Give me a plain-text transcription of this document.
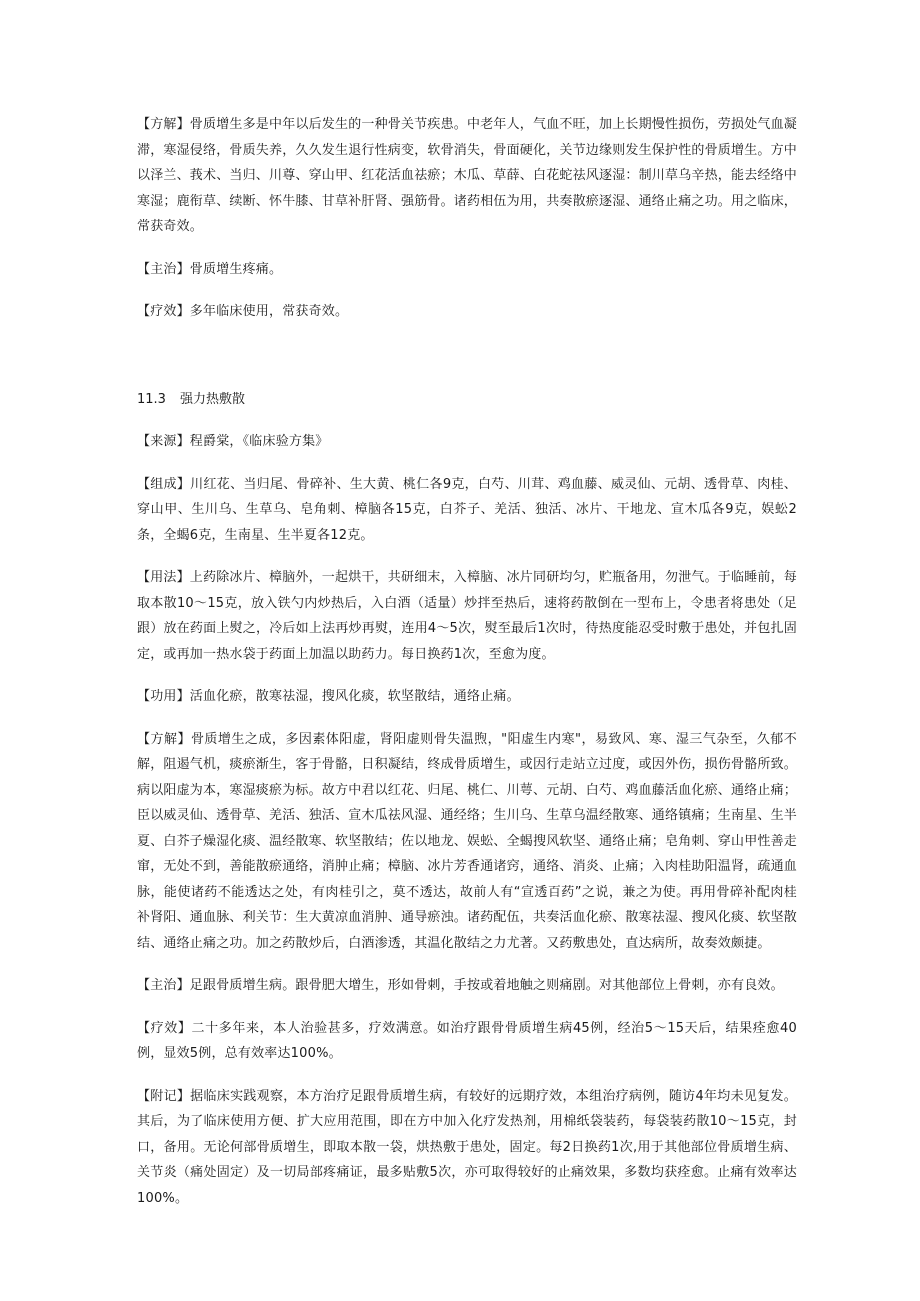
【方解】骨质增生多是中年以后发生的一种骨关节疾患。中老年人，气血不旺，加上长期慢性损伤，劳损处气血凝滞，寒湿侵络，骨质失养，久久发生退行性病变，软骨消失，骨面硬化，关节边缘则发生保护性的骨质增生。方中以泽兰、莪术、当归、川尊、穿山甲、红花活血祛瘀；木瓜、草薛、白花蛇祛风逐湿：制川草乌辛热，能去经络中寒湿；鹿衔草、续断、怀牛膝、甘草补肝肾、强筋骨。诸药相伍为用，共奏散瘀逐湿、通络止痛之功。用之临床，常获奇效。

【主治】骨质增生疼痛。

【疗效】多年临床使用，常获奇效。

11.3 强力热敷散

【来源】程爵棠，《临床验方集》

【组成】川红花、当归尾、骨碎补、生大黄、桃仁各9克，白芍、川茸、鸡血藤、威灵仙、元胡、透骨草、肉桂、穿山甲、生川乌、生草乌、皂角刺、樟脑各15克，白芥子、羌活、独活、冰片、干地龙、宣木瓜各9克，娱蚣2条，全蝎6克，生南星、生半夏各12克。

【用法】上药除冰片、樟脑外，一起烘干，共研细末，入樟脑、冰片同研均匀，贮瓶备用，勿泄气。于临睡前，每取本散10～15克，放入铁勺内炒热后，入白酒（适量）炒拌至热后，速将药散倒在一型布上，令患者将患处（足跟）放在药面上熨之，冷后如上法再炒再熨，连用4～5次，熨至最后1次时，待热度能忍受时敷于患处，并包扎固定，或再加一热水袋于药面上加温以助药力。每日换药1次，至愈为度。

【功用】活血化瘀，散寒祛湿，搜风化痰，软坚散结，通络止痛。

【方解】骨质增生之成，多因素体阳虚，肾阳虚则骨失温煦，"阳虚生内寒"，易致风、寒、湿三气杂至，久郁不解，阻遏气机，痰瘀渐生，客于骨骼，日积凝结，终成骨质增生，或因行走站立过度，或因外伤，损伤骨骼所致。病以阳虚为本，寒湿痰瘀为标。故方中君以红花、归尾、桃仁、川萼、元胡、白芍、鸡血藤活血化瘀、通络止痛；臣以威灵仙、透骨草、羌活、独活、宣木瓜祛风湿、通经络；生川乌、生草乌温经散寒、通络镇痛；生南星、生半夏、白芥子燥湿化痰、温经散寒、软坚散结；佐以地龙、娱蚣、全蝎搜风软坚、通络止痛；皂角刺、穿山甲性善走窜，无处不到，善能散瘀通络，消肿止痛；樟脑、冰片芳香通诸窍，通络、消炎、止痛；入肉桂助阳温肾，疏通血脉，能使诸药不能透达之处，有肉桂引之，莫不透达，故前人有“宣透百药”之说，兼之为使。再用骨碎补配肉桂补肾阳、通血脉、利关节：生大黄凉血消肿、通导瘀浊。诸药配伍，共奏活血化瘀、散寒祛湿、搜风化痰、软坚散结、通络止痛之功。加之药散炒后，白酒渗透，其温化散结之力尤著。又药敷患处，直达病所，故奏效颇捷。

【主治】足跟骨质增生病。跟骨肥大增生，形如骨刺，手按或着地触之则痛剧。对其他部位上骨刺，亦有良效。

【疗效】二十多年来，本人治验甚多，疗效满意。如治疗跟骨骨质增生病45例，经治5～15天后，结果痊愈40例，显效5例，总有效率达100%。

【附记】据临床实践观察，本方治疗足跟骨质增生病，有较好的远期疗效，本组治疗病例，随访4年均未见复发。其后，为了临床使用方便、扩大应用范围，即在方中加入化疗发热剂，用棉纸袋装药，每袋装药散10～15克，封口，备用。无论何部骨质增生，即取本散一袋，烘热敷于患处，固定。每2日换药1次,用于其他部位骨质增生病、关节炎（痛处固定）及一切局部疼痛证，最多贴敷5次，亦可取得较好的止痛效果，多数均获痊愈。止痛有效率达100%。
